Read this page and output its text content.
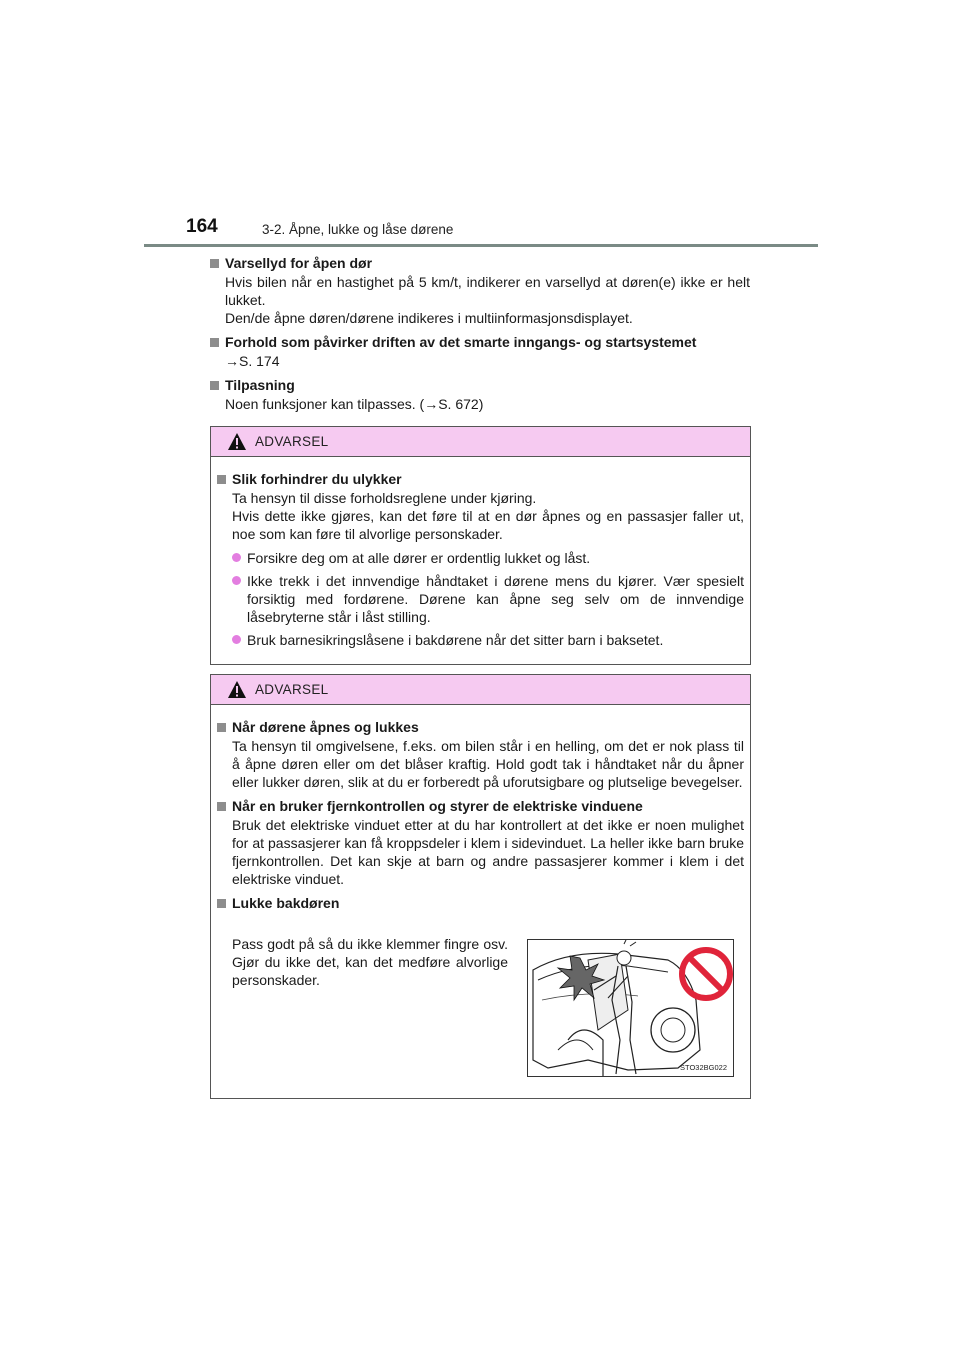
164	3-2. Åpne, lukke og låse dørene
Varsellyd for åpen dør
Hvis bilen når en hastighet på 5 km/t, indikerer en varsellyd at døren(e) ikke er helt lukket.
Den/de åpne døren/dørene indikeres i multiinformasjonsdisplayet.
Forhold som påvirker driften av det smarte inngangs- og startsystemet
→S. 174
Tilpasning
Noen funksjoner kan tilpasses. (→S. 672)
ADVARSEL
Slik forhindrer du ulykker
Ta hensyn til disse forholdsreglene under kjøring.
Hvis dette ikke gjøres, kan det føre til at en dør åpnes og en passasjer faller ut, noe som kan føre til alvorlige personskader.
Forsikre deg om at alle dører er ordentlig lukket og låst.
Ikke trekk i det innvendige håndtaket i dørene mens du kjører. Vær spesielt forsiktig med fordørene. Dørene kan åpne seg selv om de innvendige låsebryterne står i låst stilling.
Bruk barnesikringslåsene i bakdørene når det sitter barn i baksetet.
ADVARSEL
Når dørene åpnes og lukkes
Ta hensyn til omgivelsene, f.eks. om bilen står i en helling, om det er nok plass til å åpne døren eller om det blåser kraftig. Hold godt tak i håndtaket når du åpner eller lukker døren, slik at du er forberedt på uforutsigbare og plutselige bevegelser.
Når en bruker fjernkontrollen og styrer de elektriske vinduene
Bruk det elektriske vinduet etter at du har kontrollert at det ikke er noen mulighet for at passasjerer kan få kroppsdeler i klem i sidevinduet. La heller ikke barn bruke fjernkontrollen. Det kan skje at barn og andre passasjerer kommer i klem i det elektriske vinduet.
Lukke bakdøren
Pass godt på så du ikke klemmer fingre osv. Gjør du ikke det, kan det medføre alvorlige personskader.
STO32BG022
